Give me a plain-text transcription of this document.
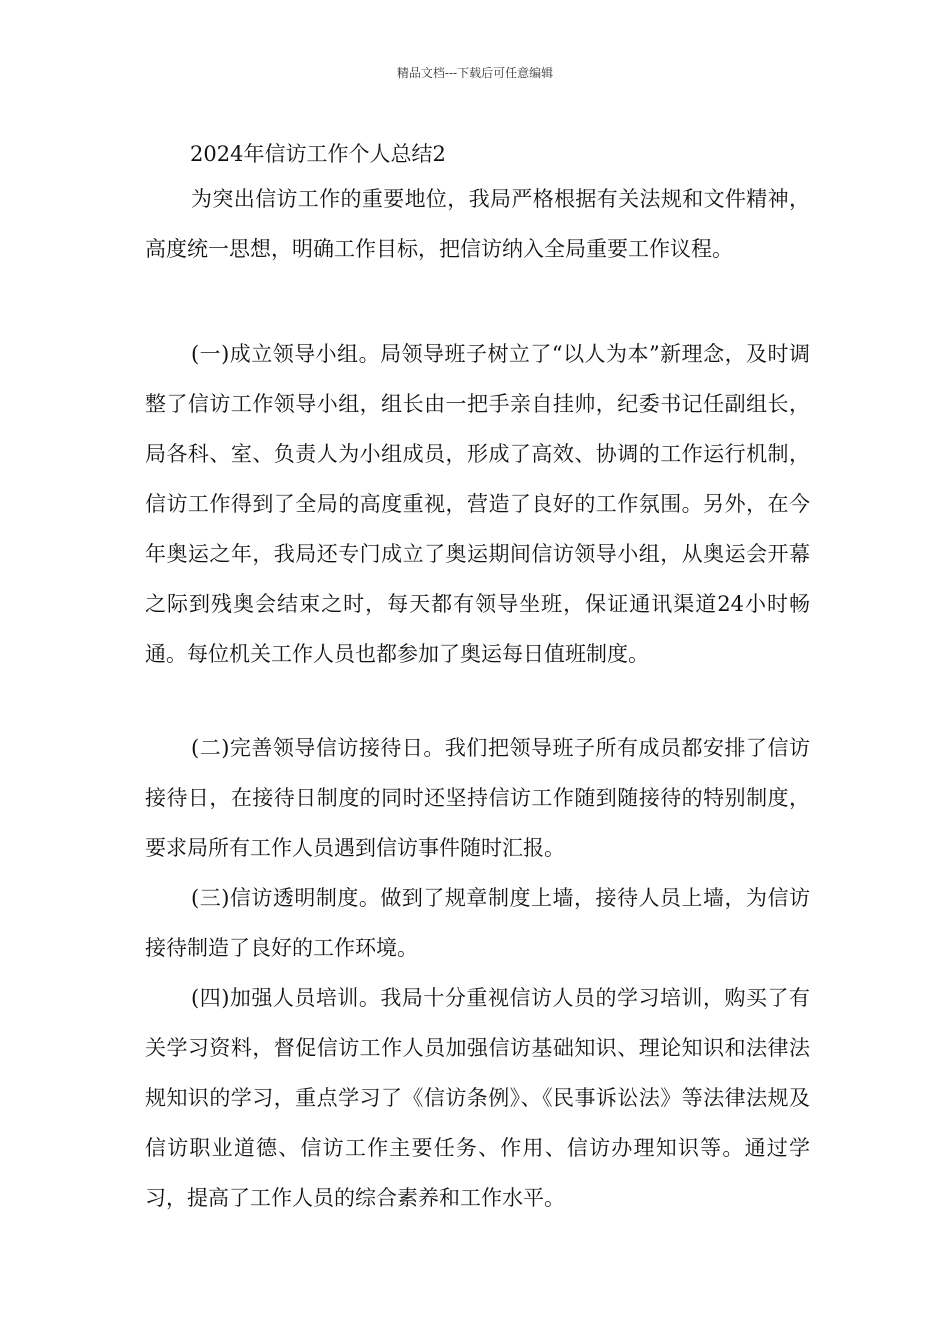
精品文档---下载后可任意编辑
2024年信访工作个人总结2

为突出信访工作的重要地位，我局严格根据有关法规和文件精神，高度统一思想，明确工作目标，把信访纳入全局重要工作议程。

(一)成立领导小组。局领导班子树立了“以人为本”新理念，及时调整了信访工作领导小组，组长由一把手亲自挂帅，纪委书记任副组长，局各科、室、负责人为小组成员，形成了高效、协调的工作运行机制，信访工作得到了全局的高度重视，营造了良好的工作氛围。另外，在今年奥运之年，我局还专门成立了奥运期间信访领导小组，从奥运会开幕之际到残奥会结束之时，每天都有领导坐班，保证通讯渠道24小时畅通。每位机关工作人员也都参加了奥运每日值班制度。

(二)完善领导信访接待日。我们把领导班子所有成员都安排了信访接待日，在接待日制度的同时还坚持信访工作随到随接待的特别制度，要求局所有工作人员遇到信访事件随时汇报。

(三)信访透明制度。做到了规章制度上墙，接待人员上墙，为信访接待制造了良好的工作环境。

(四)加强人员培训。我局十分重视信访人员的学习培训，购买了有关学习资料，督促信访工作人员加强信访基础知识、理论知识和法律法规知识的学习，重点学习了《信访条例》、《民事诉讼法》等法律法规及信访职业道德、信访工作主要任务、作用、信访办理知识等。通过学习，提高了工作人员的综合素养和工作水平。
